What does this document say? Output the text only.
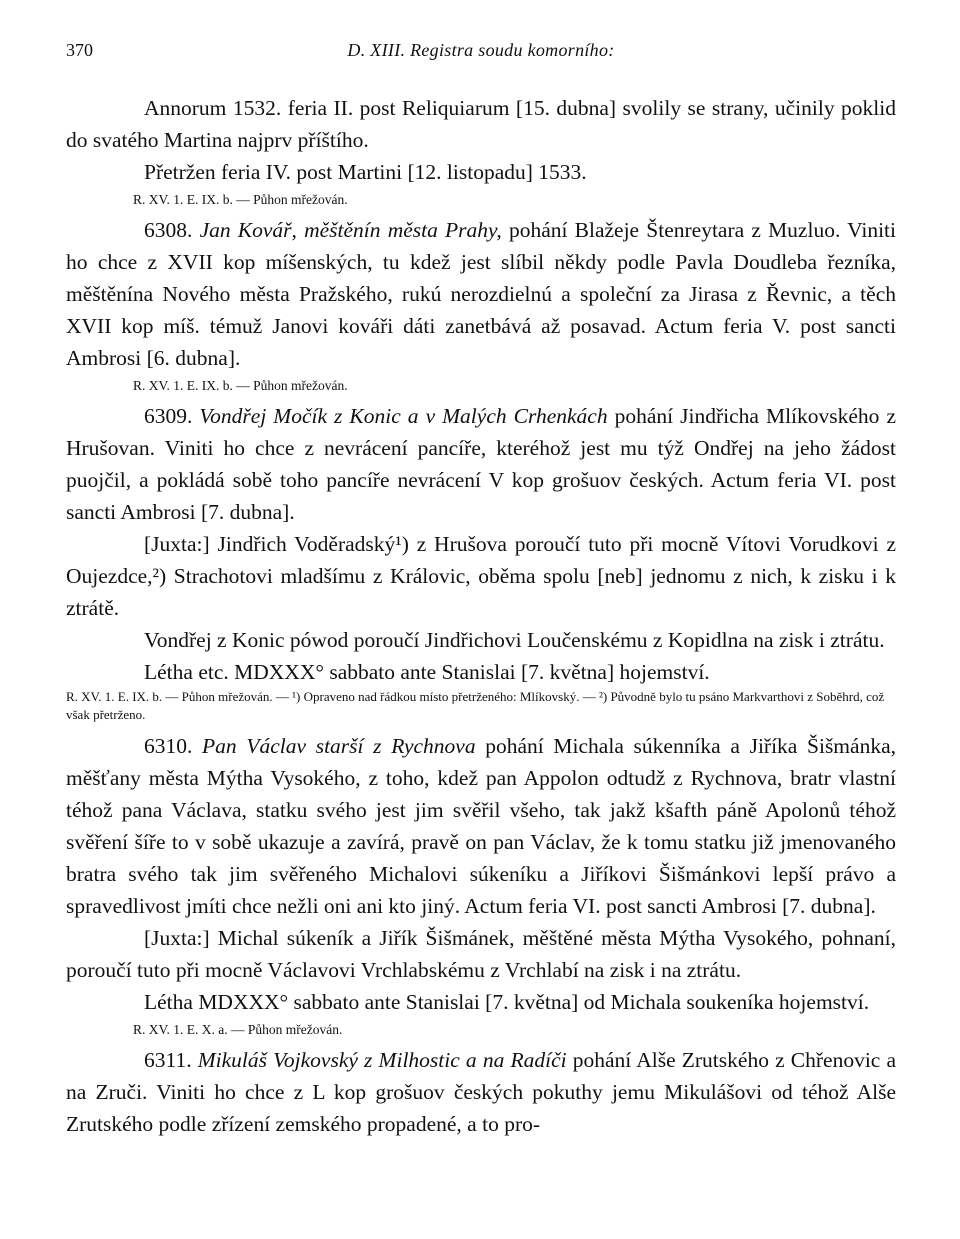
370	D. XIII. Registra soudu komorního:

Annorum 1532. feria II. post Reliquiarum [15. dubna] svolily se strany, učinily poklid do svatého Martina najprv příštího.

Přetržen feria IV. post Martini [12. listopadu] 1533.

R. XV. 1. E. IX. b. — Půhon mřežován.

6308. Jan Kovář, měštěnín města Prahy, pohání Blažeje Štenreytara z Muzluo. Viniti ho chce z XVII kop míšenských, tu kdež jest slíbil někdy podle Pavla Doudleba řezníka, měštěnína Nového města Pražského, rukú nerozdielnú a společní za Jirasa z Řevnic, a těch XVII kop míš. témuž Janovi kováři dáti zanetbává až posavad. Actum feria V. post sancti Ambrosi [6. dubna].

R. XV. 1. E. IX. b. — Půhon mřežován.

6309. Vondřej Močík z Konic a v Malých Crhenkách pohání Jindřicha Mlíkovského z Hrušovan. Viniti ho chce z nevrácení pancíře, kteréhož jest mu týž Ondřej na jeho žádost puojčil, a pokládá sobě toho pancíře nevrácení V kop grošuov českých. Actum feria VI. post sancti Ambrosi [7. dubna].

[Juxta:] Jindřich Voděradský¹) z Hrušova poroučí tuto při mocně Vítovi Vorudkovi z Oujezdce,²) Strachotovi mladšímu z Královic, oběma spolu [neb] jednomu z nich, k zisku i k ztrátě.

Vondřej z Konic pówod poroučí Jindřichovi Loučenskému z Kopidlna na zisk i ztrátu.

Létha etc. MDXXX° sabbato ante Stanislai [7. května] hojemství.

R. XV. 1. E. IX. b. — Půhon mřežován. — ¹) Opraveno nad řádkou místo přetrženého: Mlíkovský. — ²) Původně bylo tu psáno Markvarthovi z Soběhrd, což však přetrženo.

6310. Pan Václav starší z Rychnova pohání Michala súkenníka a Jiříka Šišmánka, měšťany města Mýtha Vysokého, z toho, kdež pan Appolon odtudž z Rychnova, bratr vlastní téhož pana Václava, statku svého jest jim svěřil všeho, tak jakž kšafth páně Apolonů téhož svěření šíře to v sobě ukazuje a zavírá, pravě on pan Václav, že k tomu statku již jmenovaného bratra svého tak jim svěřeného Michalovi súkeníku a Jiříkovi Šišmánkovi lepší právo a spravedlivost jmíti chce nežli oni ani kto jiný. Actum feria VI. post sancti Ambrosi [7. dubna].

[Juxta:] Michal súkeník a Jiřík Šišmánek, měštěné města Mýtha Vysokého, pohnaní, poroučí tuto při mocně Václavovi Vrchlabskému z Vrchlabí na zisk i na ztrátu.

Létha MDXXX° sabbato ante Stanislai [7. května] od Michala soukeníka hojemství.

R. XV. 1. E. X. a. — Půhon mřežován.

6311. Mikuláš Vojkovský z Milhostic a na Radíči pohání Alše Zrutského z Chřenovic a na Zruči. Viniti ho chce z L kop grošuov českých pokuthy jemu Mikulášovi od téhož Alše Zrutského podle zřízení zemského propadené, a to pro-
